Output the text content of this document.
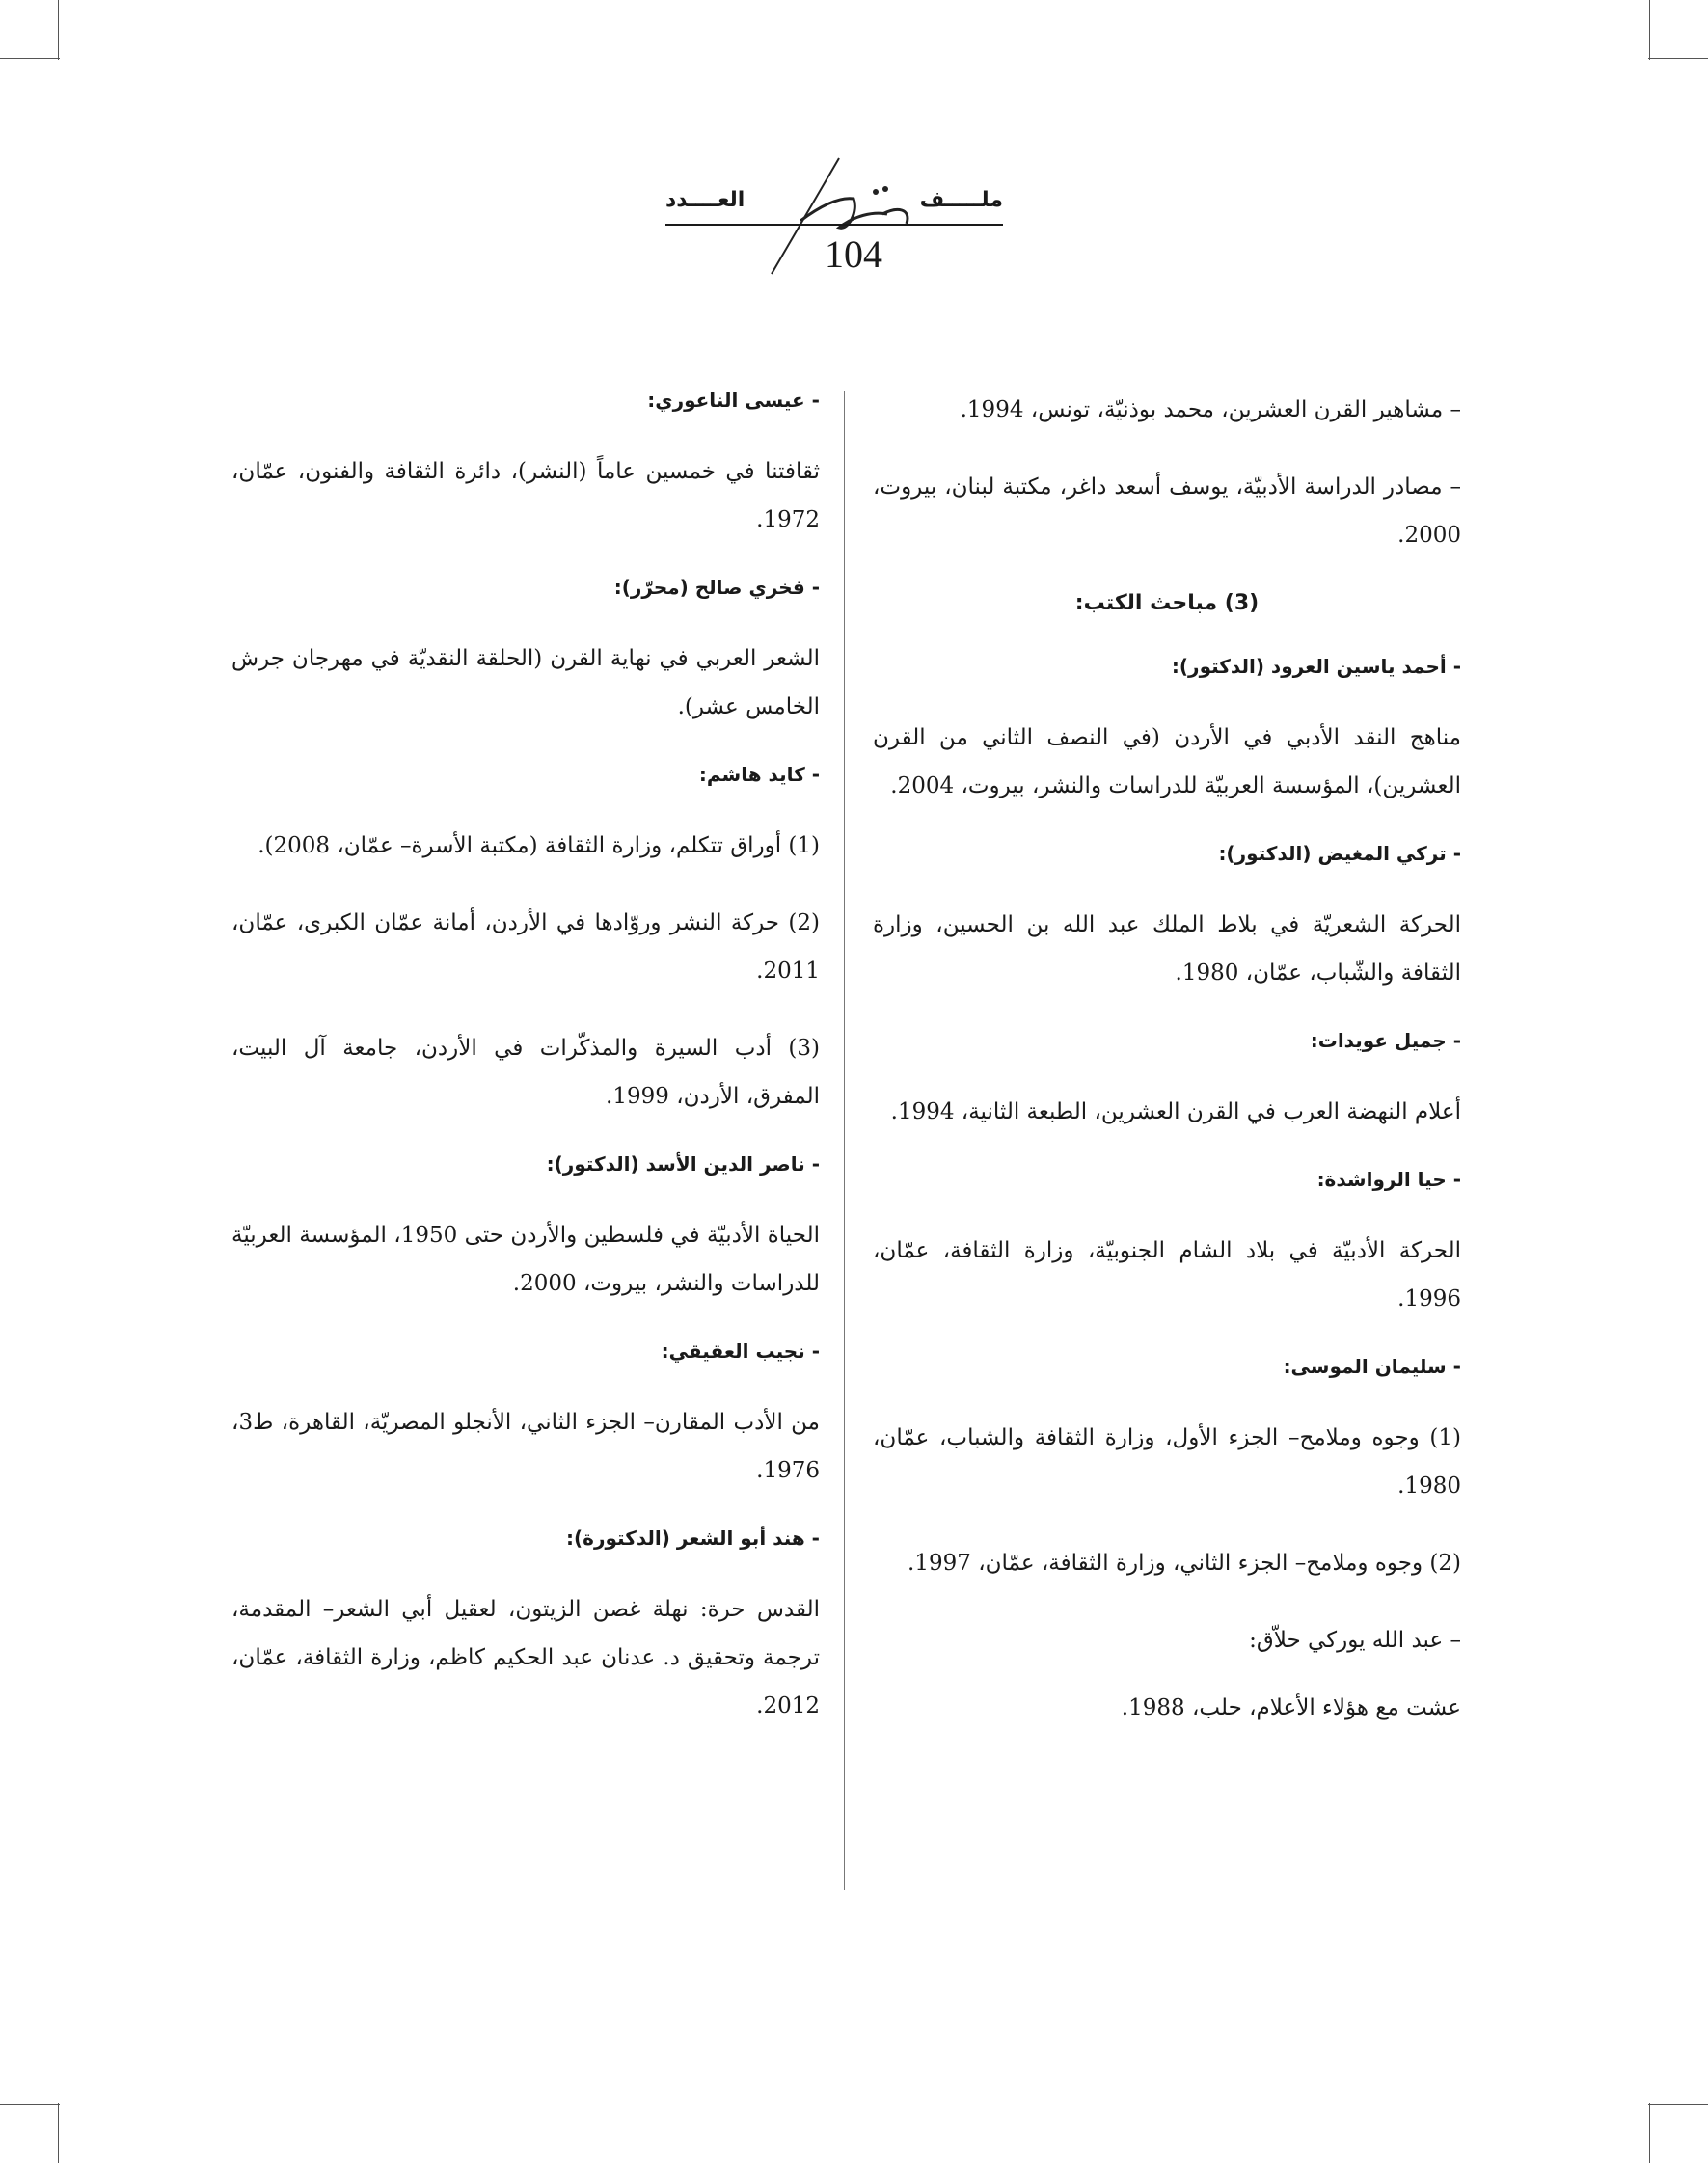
ملـــــف
العــــدد
104

– مشاهير القرن العشرين، محمد بوذنيّة، تونس، 1994.

– مصادر الدراسة الأدبيّة، يوسف أسعد داغر، مكتبة لبنان، بيروت، 2000.

(3) مباحث الكتب:
- أحمد ياسين العرود (الدكتور):

مناهج النقد الأدبي في الأردن (في النصف الثاني من القرن العشرين)، المؤسسة العربيّة للدراسات والنشر، بيروت، 2004.

- تركي المغيض (الدكتور):

الحركة الشعريّة في بلاط الملك عبد الله بن الحسين، وزارة الثقافة والشّباب، عمّان، 1980.

- جميل عويدات:

أعلام النهضة العرب في القرن العشرين، الطبعة الثانية، 1994.

- حيا الرواشدة:

الحركة الأدبيّة في بلاد الشام الجنوبيّة، وزارة الثقافة، عمّان، 1996.

- سليمان الموسى:

(1) وجوه وملامح– الجزء الأول، وزارة الثقافة والشباب، عمّان، 1980.

(2) وجوه وملامح– الجزء الثاني، وزارة الثقافة، عمّان، 1997.

– عبد الله يوركي حلاّق:

عشت مع هؤلاء الأعلام، حلب، 1988.

- عيسى الناعوري:

ثقافتنا في خمسين عاماً (النشر)، دائرة الثقافة والفنون، عمّان، 1972.

- فخري صالح (محرّر):

الشعر العربي في نهاية القرن (الحلقة النقديّة في مهرجان جرش الخامس عشر).

- كايد هاشم:

(1) أوراق تتكلم، وزارة الثقافة (مكتبة الأسرة– عمّان، 2008).

(2) حركة النشر وروّادها في الأردن، أمانة عمّان الكبرى، عمّان، 2011.

(3) أدب السيرة والمذكّرات في الأردن، جامعة آل البيت، المفرق، الأردن، 1999.

- ناصر الدين الأسد (الدكتور):

الحياة الأدبيّة في فلسطين والأردن حتى 1950، المؤسسة العربيّة للدراسات والنشر، بيروت، 2000.

- نجيب العقيقي:

من الأدب المقارن– الجزء الثاني، الأنجلو المصريّة، القاهرة، ط3، 1976.

- هند أبو الشعر (الدكتورة):

القدس حرة: نهلة غصن الزيتون، لعقيل أبي الشعر– المقدمة، ترجمة وتحقيق د. عدنان عبد الحكيم كاظم، وزارة الثقافة، عمّان، 2012.
